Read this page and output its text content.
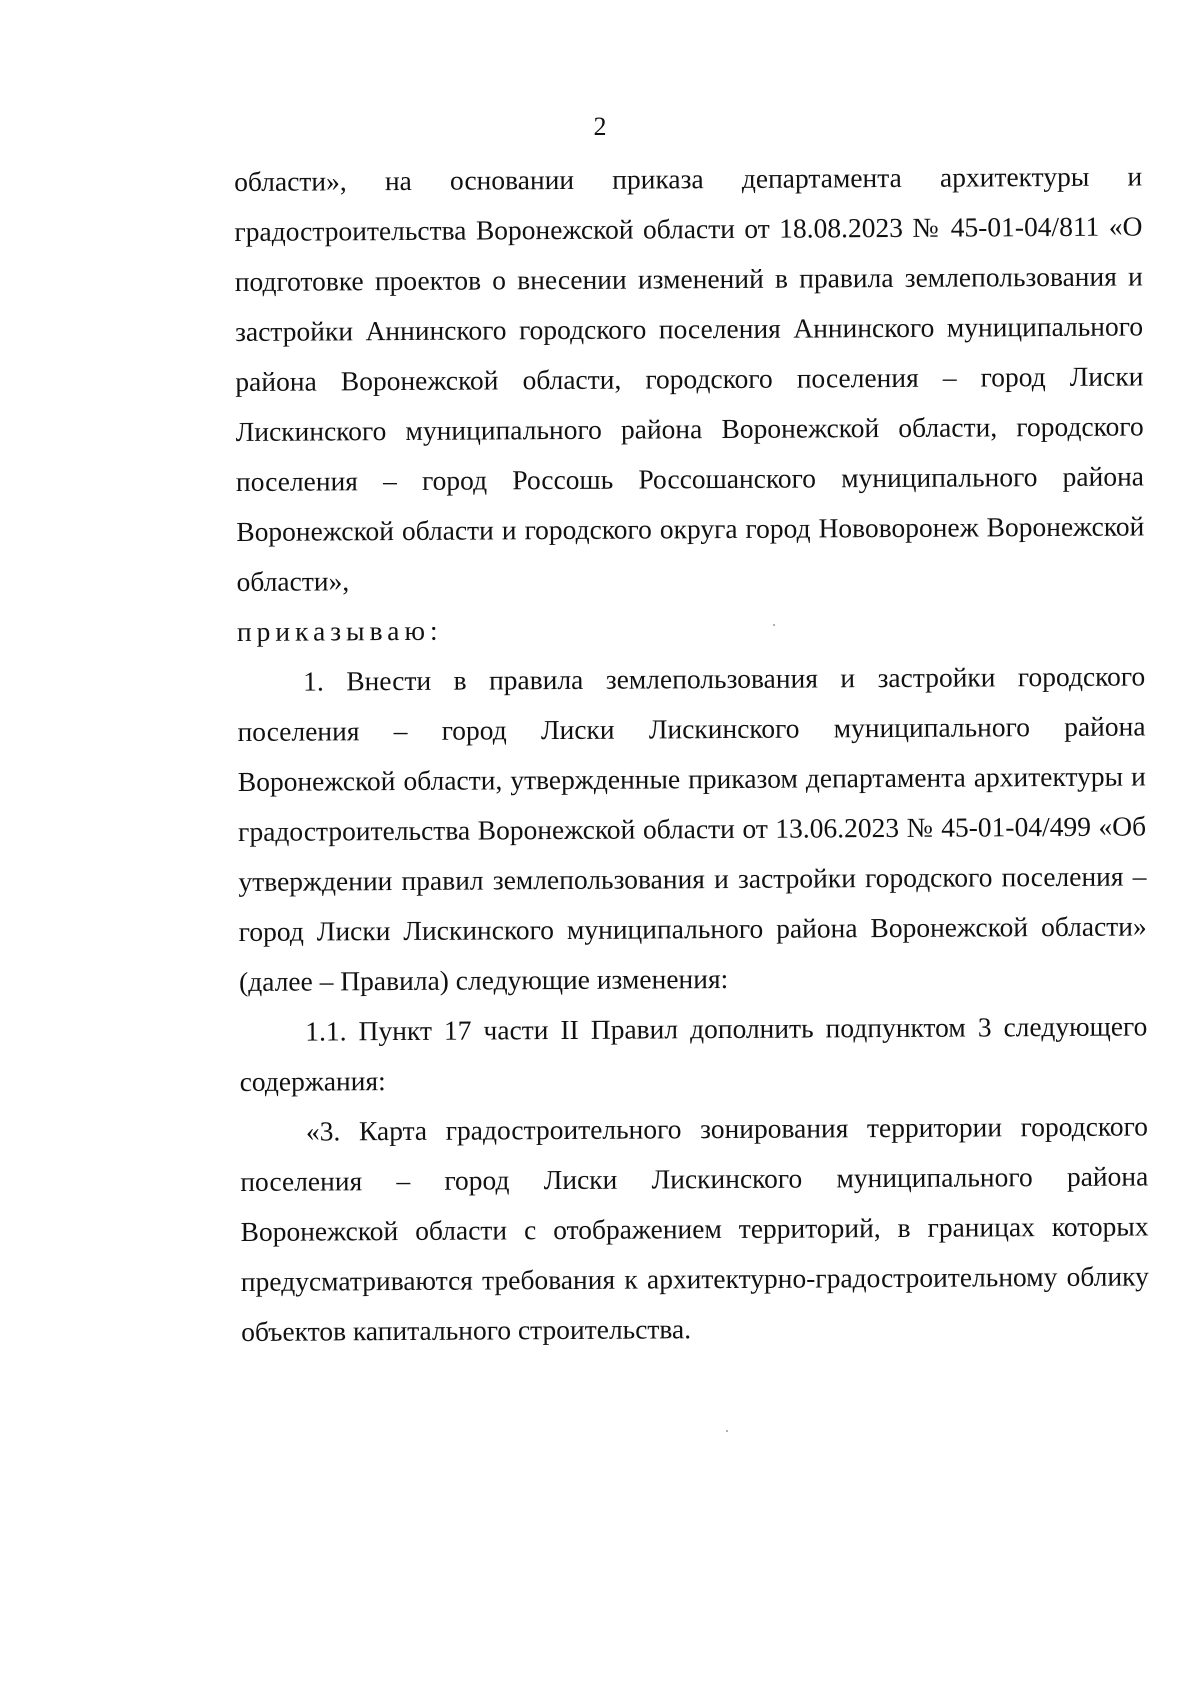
2

области», на основании приказа департамента архитектуры и градостроительства Воронежской области от 18.08.2023 № 45-01-04/811 «О подготовке проектов о внесении изменений в правила землепользования и застройки Аннинского городского поселения Аннинского муниципального района Воронежской области, городского поселения – город Лиски Лискинского муниципального района Воронежской области, городского поселения – город Россошь Россошанского муниципального района Воронежской области и городского округа город Нововоронеж Воронежской области»,

приказываю:

1. Внести в правила землепользования и застройки городского поселения – город Лиски Лискинского муниципального района Воронежской области, утвержденные приказом департамента архитектуры и градостроительства Воронежской области от 13.06.2023 № 45-01-04/499 «Об утверждении правил землепользования и застройки городского поселения – город Лиски Лискинского муниципального района Воронежской области» (далее – Правила) следующие изменения:

1.1. Пункт 17 части II Правил дополнить подпунктом 3 следующего содержания:

«3. Карта градостроительного зонирования территории городского поселения – город Лиски Лискинского муниципального района Воронежской области с отображением территорий, в границах которых предусматриваются требования к архитектурно-градостроительному облику объектов капитального строительства.
